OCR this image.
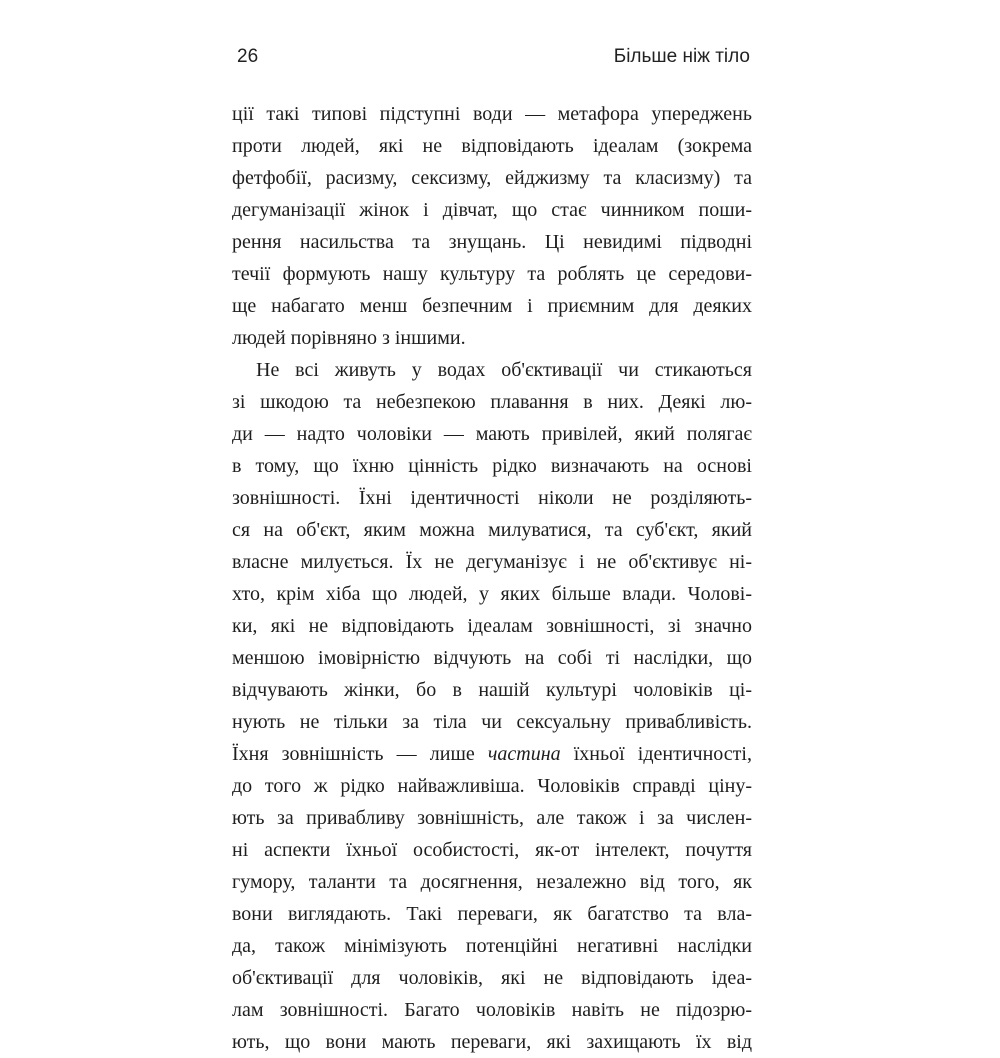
26	Більше ніж тіло
ції такі типові підступні води — метафора упереджень
проти людей, які не відповідають ідеалам (зокрема
фетфобії, расизму, сексизму, ейджизму та класизму) та
дегуманізації жінок і дівчат, що стає чинником поши-
рення насильства та знущань. Ці невидимі підводні
течії формують нашу культуру та роблять це середови-
ще набагато менш безпечним і приємним для деяких
людей порівняно з іншими.
Не всі живуть у водах об'єктивації чи стикаються
зі шкодою та небезпекою плавання в них. Деякі лю-
ди — надто чоловіки — мають привілей, який полягає
в тому, що їхню цінність рідко визначають на основі
зовнішності. Їхні ідентичності ніколи не розділяють-
ся на об'єкт, яким можна милуватися, та суб'єкт, який
власне милується. Їх не дегуманізує і не об'єктивує ні-
хто, крім хіба що людей, у яких більше влади. Чолові-
ки, які не відповідають ідеалам зовнішності, зі значно
меншою імовірністю відчують на собі ті наслідки, що
відчувають жінки, бо в нашій культурі чоловіків ці-
нують не тільки за тіла чи сексуальну привабливість.
Їхня зовнішність — лише частина їхньої ідентичності,
до того ж рідко найважливіша. Чоловіків справді ціну-
ють за привабливу зовнішність, але також і за числен-
ні аспекти їхньої особистості, як-от інтелект, почуття
гумору, таланти та досягнення, незалежно від того, як
вони виглядають. Такі переваги, як багатство та вла-
да, також мінімізують потенційні негативні наслідки
об'єктивації для чоловіків, які не відповідають ідеа-
лам зовнішності. Багато чоловіків навіть не підозрю-
ють, що вони мають переваги, які захищають їх від
